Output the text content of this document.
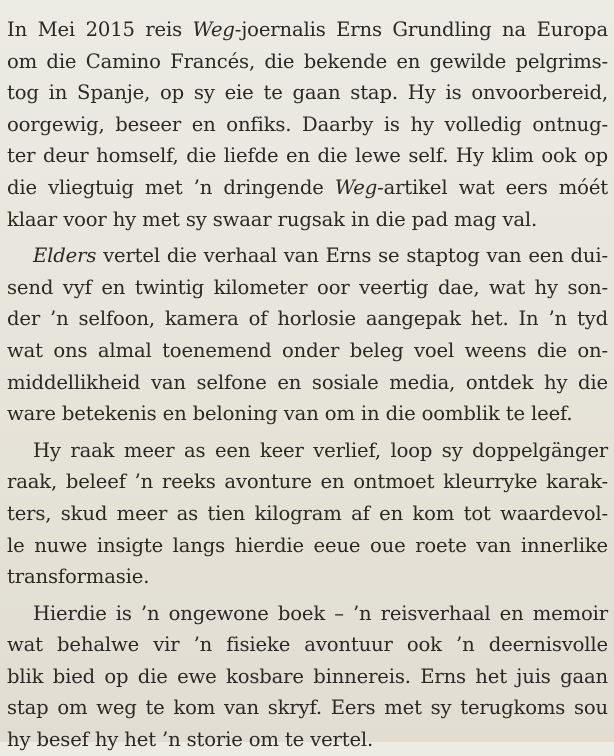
In Mei 2015 reis Weg-joernalis Erns Grundling na Europa
om die Camino Francés, die bekende en gewilde pelgrims-
tog in Spanje, op sy eie te gaan stap. Hy is onvoorbereid,
oorgewig, beseer en onfiks. Daarby is hy volledig ontnug-
ter deur homself, die liefde en die lewe self. Hy klim ook op
die vliegtuig met ’n dringende Weg-artikel wat eers móét
klaar voor hy met sy swaar rugsak in die pad mag val.

Elders vertel die verhaal van Erns se staptog van een dui-
send vyf en twintig kilometer oor veertig dae, wat hy son-
der ’n selfoon, kamera of horlosie aangepak het. In ’n tyd
wat ons almal toenemend onder beleg voel weens die on-
middellikheid van selfone en sosiale media, ontdek hy die
ware betekenis en beloning van om in die oomblik te leef.

Hy raak meer as een keer verlief, loop sy doppelgänger
raak, beleef ’n reeks avonture en ontmoet kleurryke karak-
ters, skud meer as tien kilogram af en kom tot waardevol-
le nuwe insigte langs hierdie eeue oue roete van innerlike
transformasie.

Hierdie is ’n ongewone boek – ’n reisverhaal en memoir
wat behalwe vir ’n fisieke avontuur ook ’n deernisvolle
blik bied op die ewe kosbare binnereis. Erns het juis gaan
stap om weg te kom van skryf. Eers met sy terugkoms sou
hy besef hy het ’n storie om te vertel.
